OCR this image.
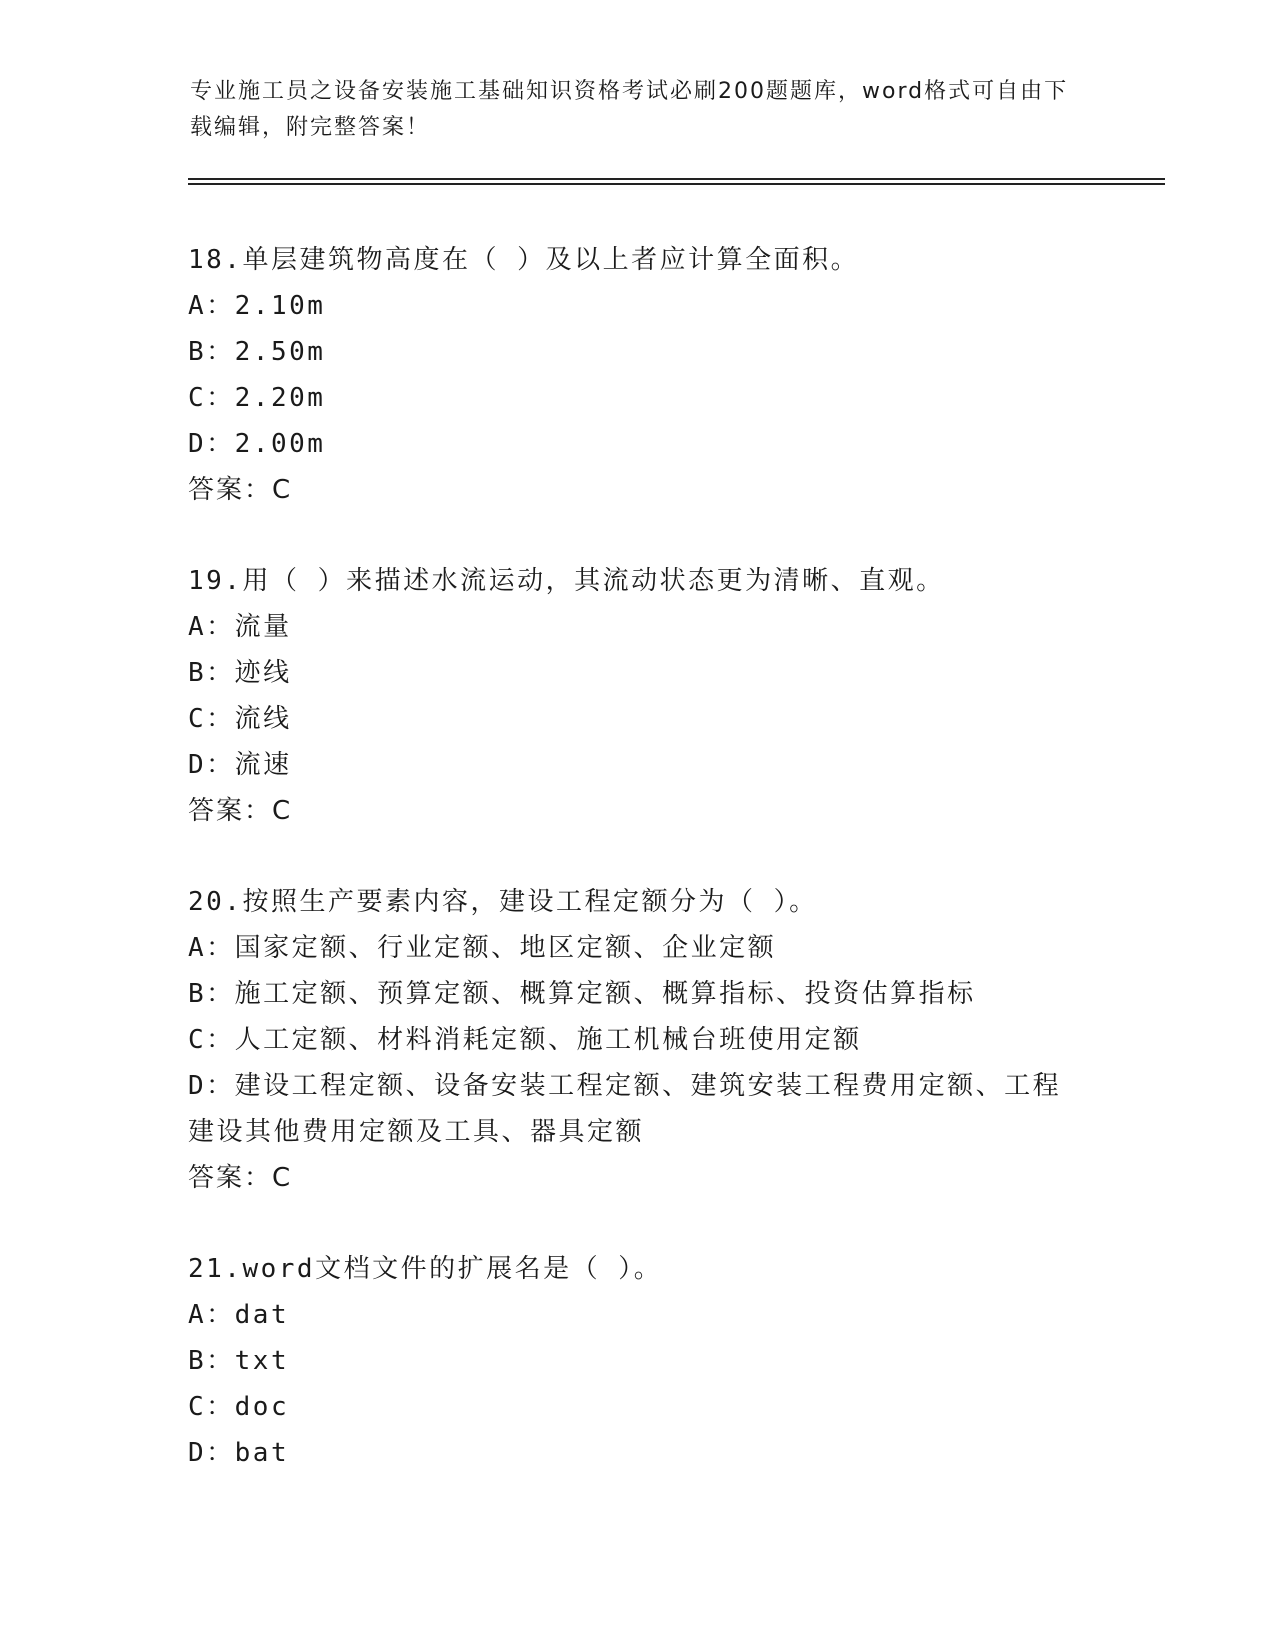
专业施工员之设备安装施工基础知识资格考试必刷200题题库，word格式可自由下载编辑，附完整答案！
18.单层建筑物高度在（ ）及以上者应计算全面积。
A：2.10m
B：2.50m
C：2.20m
D：2.00m
答案：C
19.用（ ）来描述水流运动，其流动状态更为清晰、直观。
A：流量
B：迹线
C：流线
D：流速
答案：C
20.按照生产要素内容，建设工程定额分为（ ）。
A：国家定额、行业定额、地区定额、企业定额
B：施工定额、预算定额、概算定额、概算指标、投资估算指标
C：人工定额、材料消耗定额、施工机械台班使用定额
D：建设工程定额、设备安装工程定额、建筑安装工程费用定额、工程建设其他费用定额及工具、器具定额
答案：C
21.word文档文件的扩展名是（ ）。
A：dat
B：txt
C：doc
D：bat
